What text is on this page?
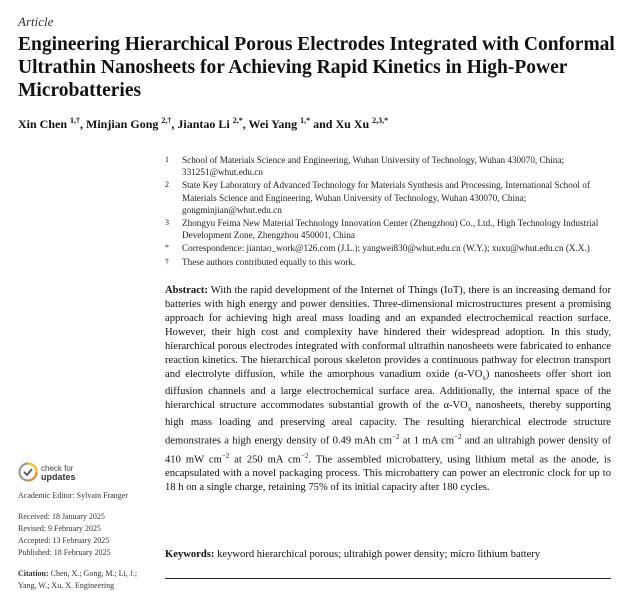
Article
Engineering Hierarchical Porous Electrodes Integrated with Conformal Ultrathin Nanosheets for Achieving Rapid Kinetics in High-Power Microbatteries
Xin Chen $^{1,\dagger}$, Minjian Gong $^{2,\dagger}$, Jiantao Li $^{2,*}$, Wei Yang $^{1,*}$ and Xu Xu $^{2,3,*}$
1 School of Materials Science and Engineering, Wuhan University of Technology, Wuhan 430070, China; 331251@whut.edu.cn
2 State Key Laboratory of Advanced Technology for Materials Synthesis and Processing, International School of Materials Science and Engineering, Wuhan University of Technology, Wuhan 430070, China; gongminjian@whut.edu.cn
3 Zhongyu Feima New Material Technology Innovation Center (Zhengzhou) Co., Ltd., High Technology Industrial Development Zone, Zhengzhou 450001, China
* Correspondence: jiantao_work@126.com (J.L.); yangwei830@whut.edu.cn (W.Y.); xuxu@whut.edu.cn (X.X.)
† These authors contributed equally to this work.
Abstract: With the rapid development of the Internet of Things (IoT), there is an increasing demand for batteries with high energy and power densities. Three-dimensional microstructures present a promising approach for achieving high areal mass loading and an expanded electrochemical reaction surface. However, their high cost and complexity have hindered their widespread adoption. In this study, hierarchical porous electrodes integrated with conformal ultrathin nanosheets were fabricated to enhance reaction kinetics. The hierarchical porous skeleton provides a continuous pathway for electron transport and electrolyte diffusion, while the amorphous vanadium oxide $(\alpha-VO_x)$ nanosheets offer short ion diffusion channels and a large electrochemical surface area. Additionally, the internal space of the hierarchical structure accommodates substantial growth of the $\alpha-VO_x$ nanosheets, thereby supporting high mass loading and preserving areal capacity. The resulting hierarchical electrode structure demonstrates a high energy density of 0.49 mAh $cm^{-2}$ at 1 mA $cm^{-2}$ and an ultrahigh power density of 410 mW $cm^{-2}$ at 250 mA $cm^{-2}$. The assembled microbattery, using lithium metal as the anode, is encapsulated with a novel packaging process. This microbattery can power an electronic clock for up to 18 h on a single charge, retaining 75% of its initial capacity after 180 cycles.
Keywords: keyword hierarchical porous; ultrahigh power density; micro lithium battery
check for
updates
Academic Editor: Sylvain Franger
Received: 18 January 2025
Revised: 9 February 2025
Accepted: 13 February 2025
Published: 18 February 2025
Citation: Chen, X.; Gong, M.; Li, J.; Yang, W.; Xu, X. Engineering
